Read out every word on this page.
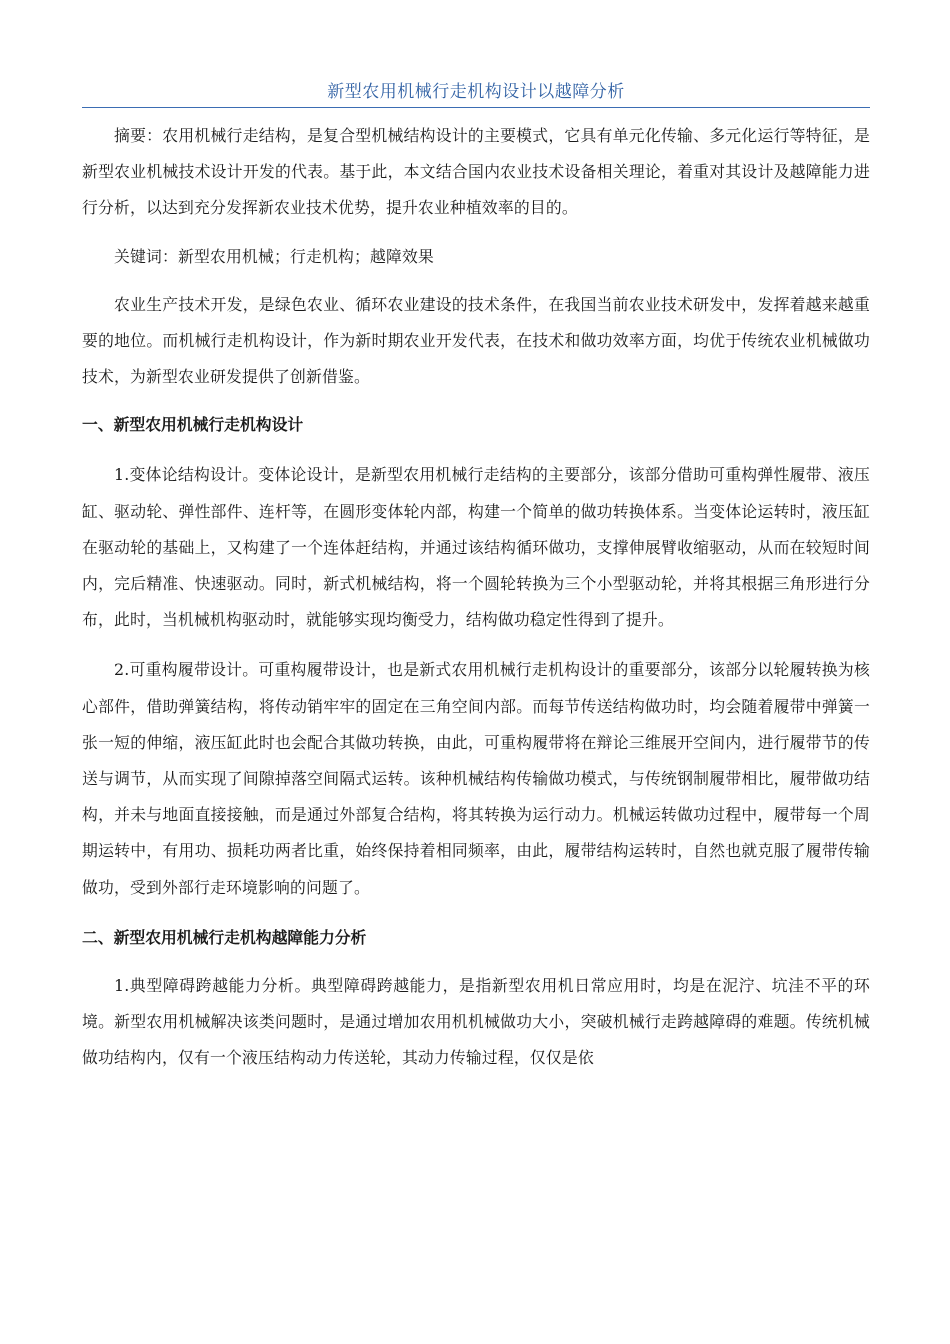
新型农用机械行走机构设计以越障分析

摘要：农用机械行走结构，是复合型机械结构设计的主要模式，它具有单元化传输、多元化运行等特征，是新型农业机械技术设计开发的代表。基于此，本文结合国内农业技术设备相关理论，着重对其设计及越障能力进行分析，以达到充分发挥新农业技术优势，提升农业种植效率的目的。

关键词：新型农用机械；行走机构；越障效果

农业生产技术开发，是绿色农业、循环农业建设的技术条件，在我国当前农业技术研发中，发挥着越来越重要的地位。而机械行走机构设计，作为新时期农业开发代表，在技术和做功效率方面，均优于传统农业机械做功技术，为新型农业研发提供了创新借鉴。

一、新型农用机械行走机构设计

1.变体论结构设计。变体论设计，是新型农用机械行走结构的主要部分，该部分借助可重构弹性履带、液压缸、驱动轮、弹性部件、连杆等，在圆形变体轮内部，构建一个简单的做功转换体系。当变体论运转时，液压缸在驱动轮的基础上，又构建了一个连体赶结构，并通过该结构循环做功，支撑伸展臂收缩驱动，从而在较短时间内，完后精准、快速驱动。同时，新式机械结构，将一个圆轮转换为三个小型驱动轮，并将其根据三角形进行分布，此时，当机械机构驱动时，就能够实现均衡受力，结构做功稳定性得到了提升。

2.可重构履带设计。可重构履带设计，也是新式农用机械行走机构设计的重要部分，该部分以轮履转换为核心部件，借助弹簧结构，将传动销牢牢的固定在三角空间内部。而每节传送结构做功时，均会随着履带中弹簧一张一短的伸缩，液压缸此时也会配合其做功转换，由此，可重构履带将在辩论三维展开空间内，进行履带节的传送与调节，从而实现了间隙掉落空间隔式运转。该种机械结构传输做功模式，与传统钢制履带相比，履带做功结构，并未与地面直接接触，而是通过外部复合结构，将其转换为运行动力。机械运转做功过程中，履带每一个周期运转中，有用功、损耗功两者比重，始终保持着相同频率，由此，履带结构运转时，自然也就克服了履带传输做功，受到外部行走环境影响的问题了。

二、新型农用机械行走机构越障能力分析

1.典型障碍跨越能力分析。典型障碍跨越能力，是指新型农用机日常应用时，均是在泥泞、坑洼不平的环境。新型农用机械解决该类问题时，是通过增加农用机机械做功大小，突破机械行走跨越障碍的难题。传统机械做功结构内，仅有一个液压结构动力传送轮，其动力传输过程，仅仅是依
